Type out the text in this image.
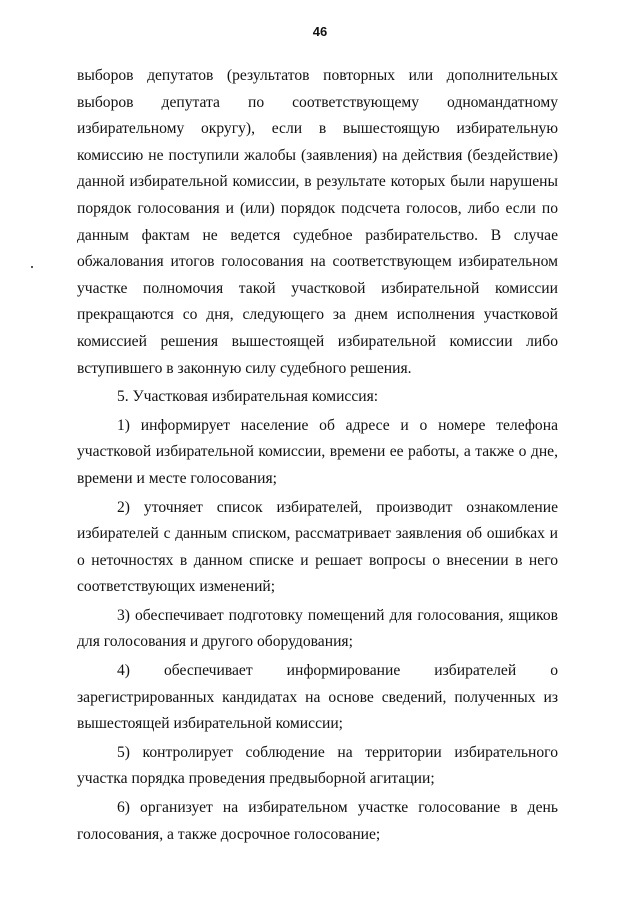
46

выборов депутатов (результатов повторных или дополнительных выборов депутата по соответствующему одномандатному избирательному округу), если в вышестоящую избирательную комиссию не поступили жалобы (заявления) на действия (бездействие) данной избирательной комиссии, в результате которых были нарушены порядок голосования и (или) порядок подсчета голосов, либо если по данным фактам не ведется судебное разбирательство. В случае обжалования итогов голосования на соответствующем избирательном участке полномочия такой участковой избирательной комиссии прекращаются со дня, следующего за днем исполнения участковой комиссией решения вышестоящей избирательной комиссии либо вступившего в законную силу судебного решения.

5. Участковая избирательная комиссия:

1) информирует население об адресе и о номере телефона участковой избирательной комиссии, времени ее работы, а также о дне, времени и месте голосования;

2) уточняет список избирателей, производит ознакомление избирателей с данным списком, рассматривает заявления об ошибках и о неточностях в данном списке и решает вопросы о внесении в него соответствующих изменений;

3) обеспечивает подготовку помещений для голосования, ящиков для голосования и другого оборудования;

4) обеспечивает информирование избирателей о зарегистрированных кандидатах на основе сведений, полученных из вышестоящей избирательной комиссии;

5) контролирует соблюдение на территории избирательного участка порядка проведения предвыборной агитации;

6) организует на избирательном участке голосование в день голосования, а также досрочное голосование;
